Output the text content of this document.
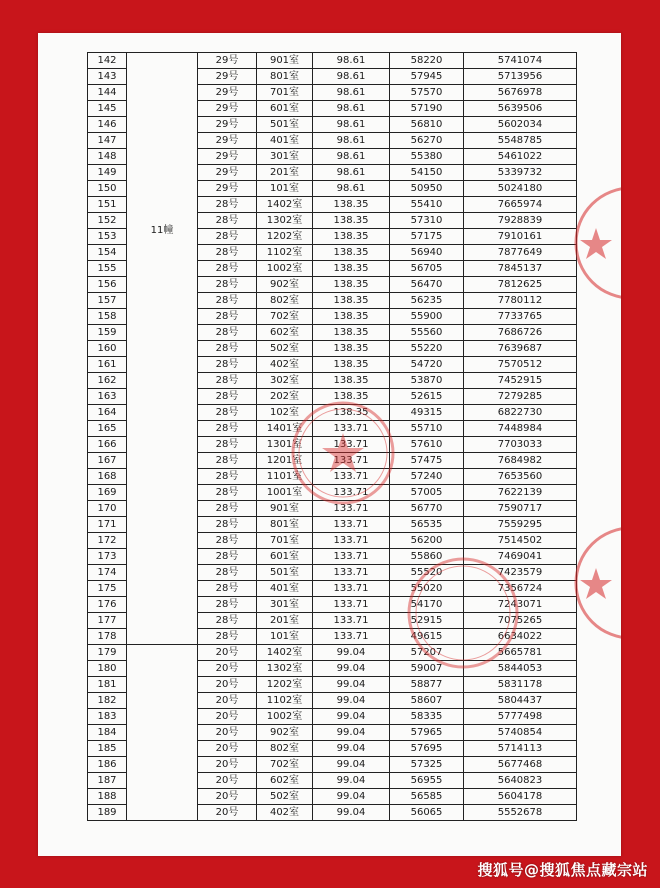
142	11幢	29号	901室	98.61	58220	5741074
143		29号	801室	98.61	57945	5713956
144		29号	701室	98.61	57570	5676978
145		29号	601室	98.61	57190	5639506
146		29号	501室	98.61	56810	5602034
147		29号	401室	98.61	56270	5548785
148		29号	301室	98.61	55380	5461022
149		29号	201室	98.61	54150	5339732
150		29号	101室	98.61	50950	5024180
151		28号	1402室	138.35	55410	7665974
152		28号	1302室	138.35	57310	7928839
153		28号	1202室	138.35	57175	7910161
154		28号	1102室	138.35	56940	7877649
155		28号	1002室	138.35	56705	7845137
156		28号	902室	138.35	56470	7812625
157		28号	802室	138.35	56235	7780112
158		28号	702室	138.35	55900	7733765
159		28号	602室	138.35	55560	7686726
160		28号	502室	138.35	55220	7639687
161		28号	402室	138.35	54720	7570512
162		28号	302室	138.35	53870	7452915
163		28号	202室	138.35	52615	7279285
164		28号	102室	138.35	49315	6822730
165		28号	1401室	133.71	55710	7448984
166		28号	1301室	133.71	57610	7703033
167		28号	1201室	133.71	57475	7684982
168		28号	1101室	133.71	57240	7653560
169		28号	1001室	133.71	57005	7622139
170		28号	901室	133.71	56770	7590717
171		28号	801室	133.71	56535	7559295
172		28号	701室	133.71	56200	7514502
173		28号	601室	133.71	55860	7469041
174		28号	501室	133.71	55520	7423579
175		28号	401室	133.71	55020	7356724
176		28号	301室	133.71	54170	7243071
177		28号	201室	133.71	52915	7075265
178		28号	101室	133.71	49615	6634022
179		20号	1402室	99.04	57207	5665781
180		20号	1302室	99.04	59007	5844053
181		20号	1202室	99.04	58877	5831178
182		20号	1102室	99.04	58607	5804437
183		20号	1002室	99.04	58335	5777498
184		20号	902室	99.04	57965	5740854
185		20号	802室	99.04	57695	5714113
186		20号	702室	99.04	57325	5677468
187		20号	602室	99.04	56955	5640823
188		20号	502室	99.04	56585	5604178
189		20号	402室	99.04	56065	5552678
搜狐号@搜狐焦点藏宗站
